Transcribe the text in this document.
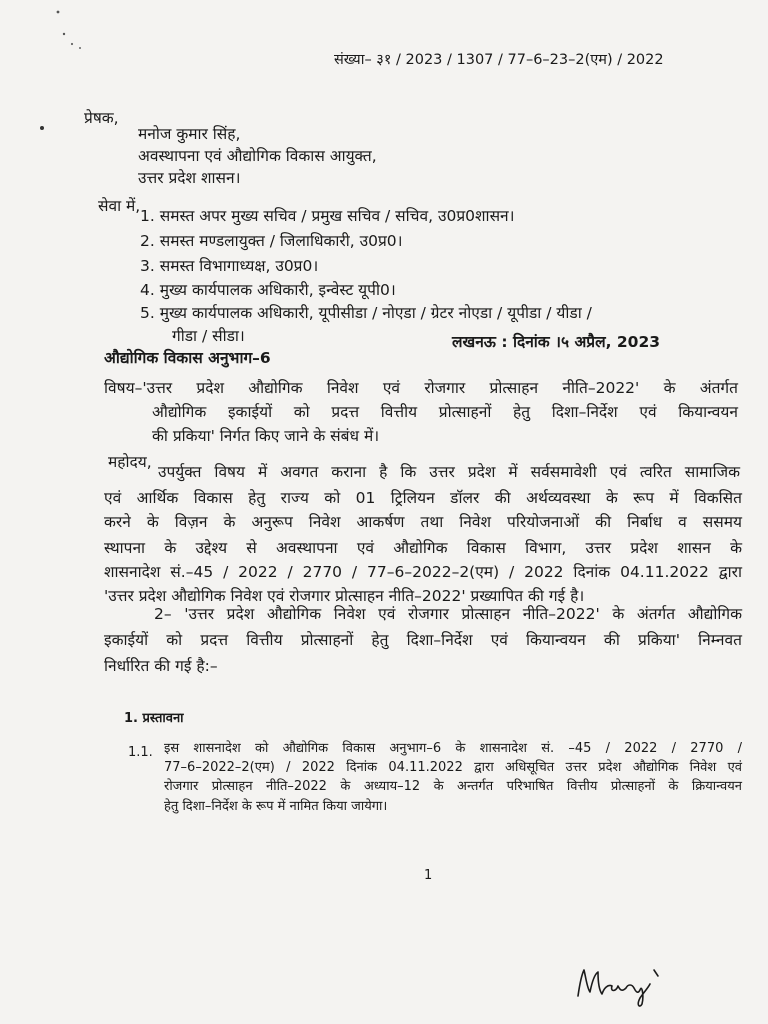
संख्या– ३१ / 2023 / 1307 / 77–6–23–2(एम) / 2022
प्रेषक,
मनोज कुमार सिंह,
अवस्थापना एवं औद्योगिक विकास आयुक्त,
उत्तर प्रदेश शासन।
सेवा में,
1. समस्त अपर मुख्य सचिव / प्रमुख सचिव / सचिव, उ0प्र0शासन।
2. समस्त मण्डलायुक्त / जिलाधिकारी, उ0प्र0।
3. समस्त विभागाध्यक्ष, उ0प्र0।
4. मुख्य कार्यपालक अधिकारी, इन्वेस्ट यूपी0।
5. मुख्य कार्यपालक अधिकारी, यूपीसीडा / नोएडा / ग्रेटर नोएडा / यूपीडा / यीडा /
गीडा / सीडा।	लखनऊ : दिनांक ।५ अप्रैल, 2023
औद्योगिक विकास अनुभाग–6
विषय–'उत्तर प्रदेश औद्योगिक निवेश एवं रोजगार प्रोत्साहन नीति–2022' के अंतर्गत
औद्योगिक इकाईयों को प्रदत्त वित्तीय प्रोत्साहनों हेतु दिशा–निर्देश एवं कियान्वयन
की प्रकिया' निर्गत किए जाने के संबंध में।
महोदय,
उपर्युक्त विषय में अवगत कराना है कि उत्तर प्रदेश में सर्वसमावेशी एवं त्वरित सामाजिक
एवं आर्थिक विकास हेतु राज्य को 01 ट्रिलियन डॉलर की अर्थव्यवस्था के रूप में विकसित
करने के विज़न के अनुरूप निवेश आकर्षण तथा निवेश परियोजनाओं की निर्बाध व ससमय
स्थापना के उद्देश्य से अवस्थापना एवं औद्योगिक विकास विभाग, उत्तर प्रदेश शासन के
शासनादेश सं.–45 / 2022 / 2770 / 77–6–2022–2(एम) / 2022 दिनांक 04.11.2022 द्वारा
'उत्तर प्रदेश औद्योगिक निवेश एवं रोजगार प्रोत्साहन नीति–2022' प्रख्यापित की गई है।
2– 'उत्तर प्रदेश औद्योगिक निवेश एवं रोजगार प्रोत्साहन नीति–2022' के अंतर्गत औद्योगिक
इकाईयों को प्रदत्त वित्तीय प्रोत्साहनों हेतु दिशा–निर्देश एवं कियान्वयन की प्रकिया' निम्नवत
निर्धारित की गई है:–
1. प्रस्तावना
1.1. इस शासनादेश को औद्योगिक विकास अनुभाग–6 के शासनादेश सं. –45 / 2022 / 2770 /
77–6–2022–2(एम) / 2022 दिनांक 04.11.2022 द्वारा अधिसूचित उत्तर प्रदेश औद्योगिक निवेश एवं
रोजगार प्रोत्साहन नीति–2022 के अध्याय–12 के अन्तर्गत परिभाषित वित्तीय प्रोत्साहनों के क्रियान्वयन
हेतु दिशा–निर्देश के रूप में नामित किया जायेगा।
1
